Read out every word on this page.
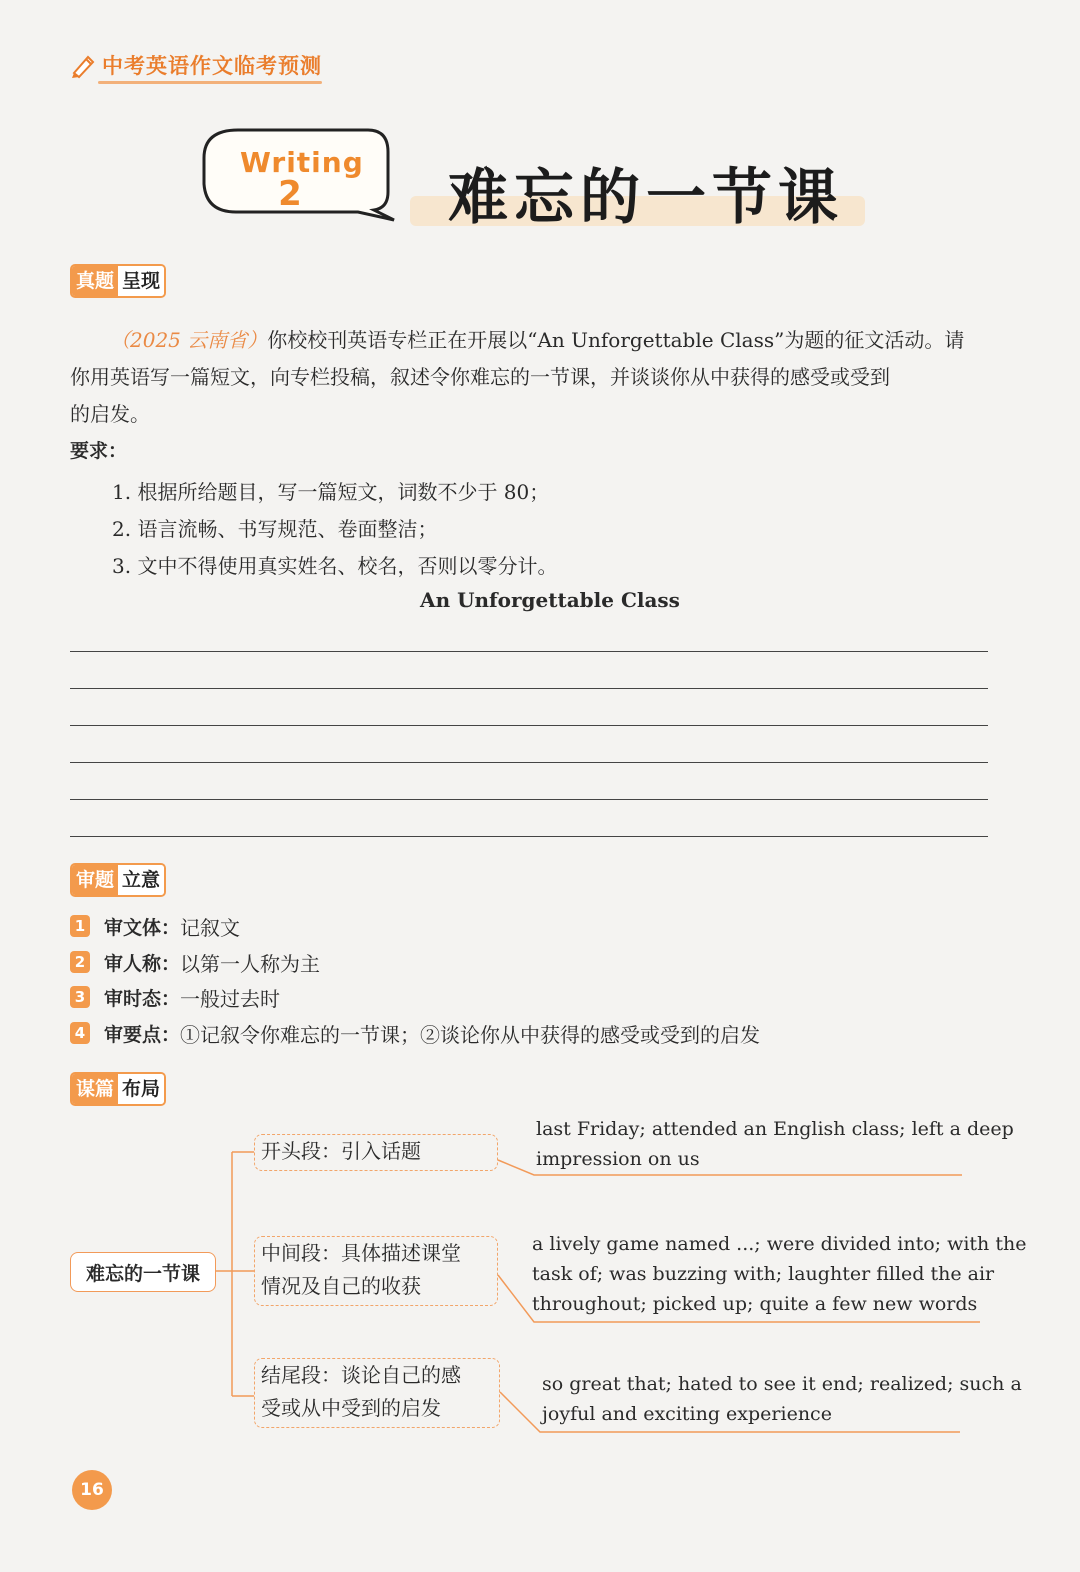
中考英语作文临考预测
Writing
2	难忘的一节课
真题 呈现
（2025 云南省）你校校刊英语专栏正在开展以“An Unforgettable Class”为题的征文活动。请
你用英语写一篇短文，向专栏投稿，叙述令你难忘的一节课，并谈谈你从中获得的感受或受到
的启发。
要求：
1. 根据所给题目，写一篇短文，词数不少于 80；
2. 语言流畅、书写规范、卷面整洁；
3. 文中不得使用真实姓名、校名，否则以零分计。
An Unforgettable Class
审题 立意
1 审文体： 记叙文
2 审人称： 以第一人称为主
3 审时态： 一般过去时
4 审要点： ①记叙令你难忘的一节课；②谈论你从中获得的感受或受到的启发
谋篇 布局
难忘的一节课
开头段：引入话题
中间段：具体描述课堂
情况及自己的收获
结尾段：谈论自己的感
受或从中受到的启发
last Friday; attended an English class; left a deep
impression on us
a lively game named ...; were divided into; with the
task of; was buzzing with; laughter filled the air
throughout; picked up; quite a few new words
so great that; hated to see it end; realized; such a
joyful and exciting experience
16
